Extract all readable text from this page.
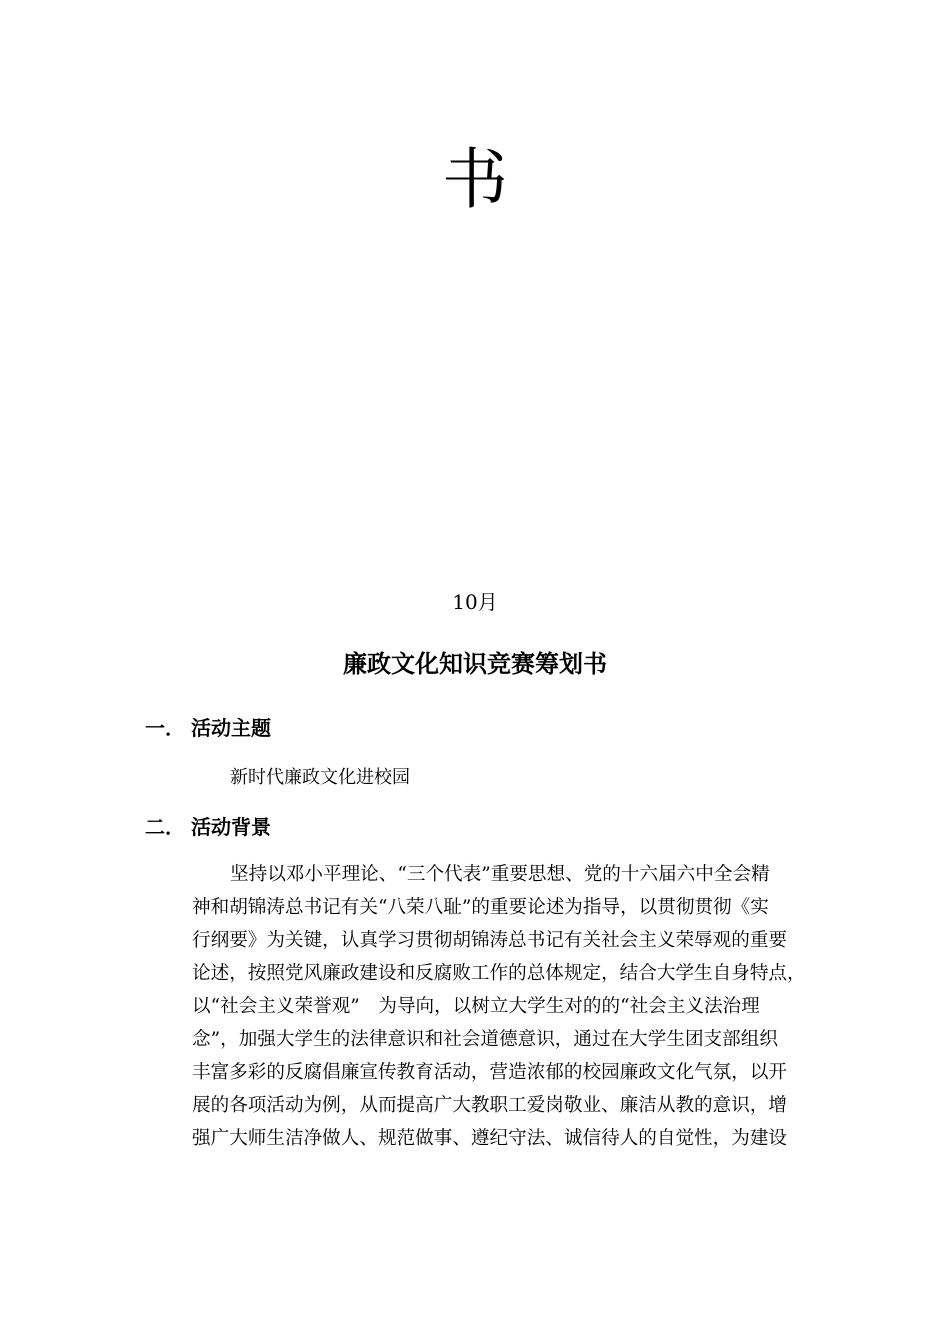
书
10月
廉政文化知识竞赛筹划书
一． 活动主题
新时代廉政文化进校园
二． 活动背景
坚持以邓小平理论、“三个代表”重要思想、党的十六届六中全会精
神和胡锦涛总书记有关“八荣八耻”的重要论述为指导，以贯彻贯彻《实
行纲要》为关键，认真学习贯彻胡锦涛总书记有关社会主义荣辱观的重要
论述，按照党风廉政建设和反腐败工作的总体规定，结合大学生自身特点，
以“社会主义荣誉观”　为导向，以树立大学生对的的“社会主义法治理
念”，加强大学生的法律意识和社会道德意识，通过在大学生团支部组织
丰富多彩的反腐倡廉宣传教育活动，营造浓郁的校园廉政文化气氛，以开
展的各项活动为例，从而提高广大教职工爱岗敬业、廉洁从教的意识，增
强广大师生洁净做人、规范做事、遵纪守法、诚信待人的自觉性，为建设
